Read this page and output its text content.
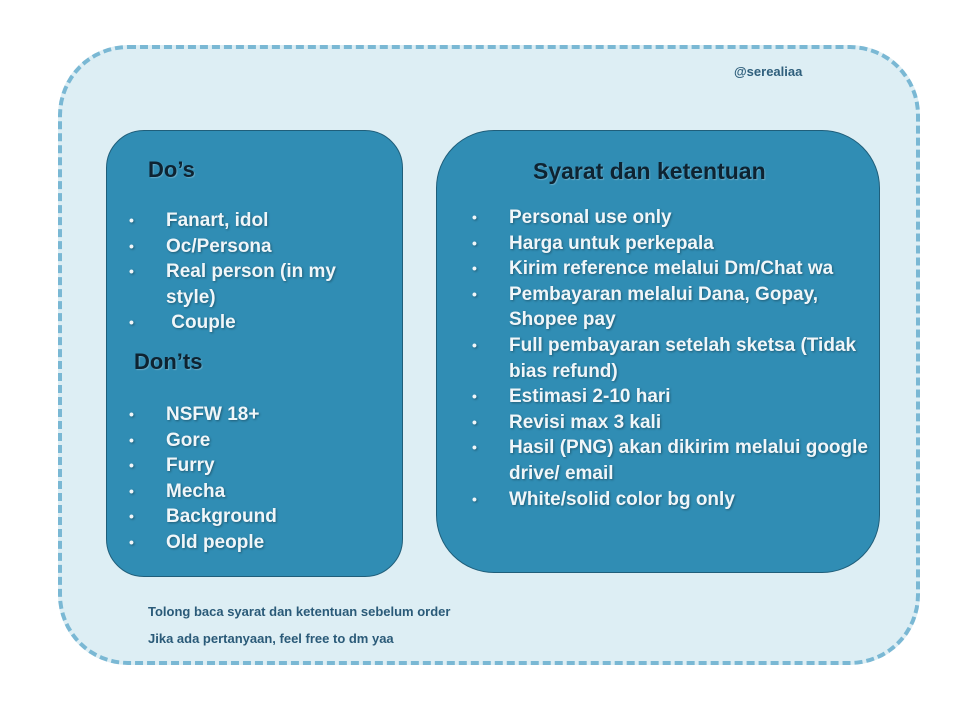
@serealiaa
Do’s
• Fanart, idol
• Oc/Persona
• Real person (in my style)
• Couple
Don’ts
• NSFW 18+
• Gore
• Furry
• Mecha
• Background
• Old people
Syarat dan ketentuan
• Personal use only
• Harga untuk perkepala
• Kirim reference melalui Dm/Chat wa
• Pembayaran melalui Dana, Gopay, Shopee pay
• Full pembayaran setelah sketsa (Tidak bias refund)
• Estimasi 2-10 hari
• Revisi max 3 kali
• Hasil (PNG) akan dikirim melalui google drive/ email
• White/solid color bg only
Tolong baca syarat dan ketentuan sebelum order
Jika ada pertanyaan, feel free to dm yaa
